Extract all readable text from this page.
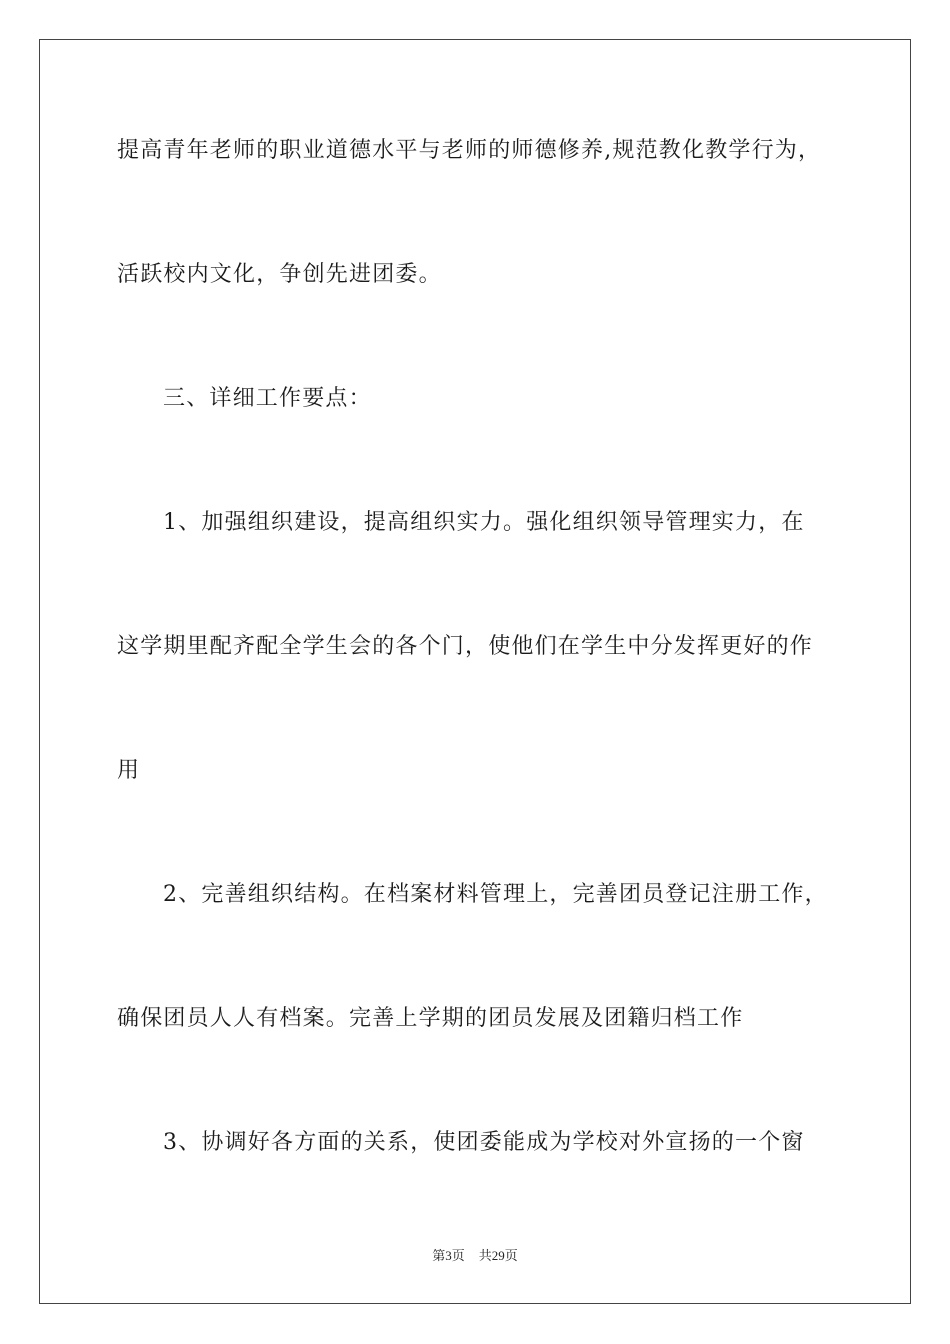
提高青年老师的职业道德水平与老师的师德修养,规范教化教学行为，
活跃校内文化，争创先进团委。
三、详细工作要点：
1、加强组织建设，提高组织实力。强化组织领导管理实力，在
这学期里配齐配全学生会的各个门，使他们在学生中分发挥更好的作
用
2、完善组织结构。在档案材料管理上，完善团员登记注册工作，
确保团员人人有档案。完善上学期的团员发展及团籍归档工作
3、协调好各方面的关系，使团委能成为学校对外宣扬的一个窗
第3页 共29页
